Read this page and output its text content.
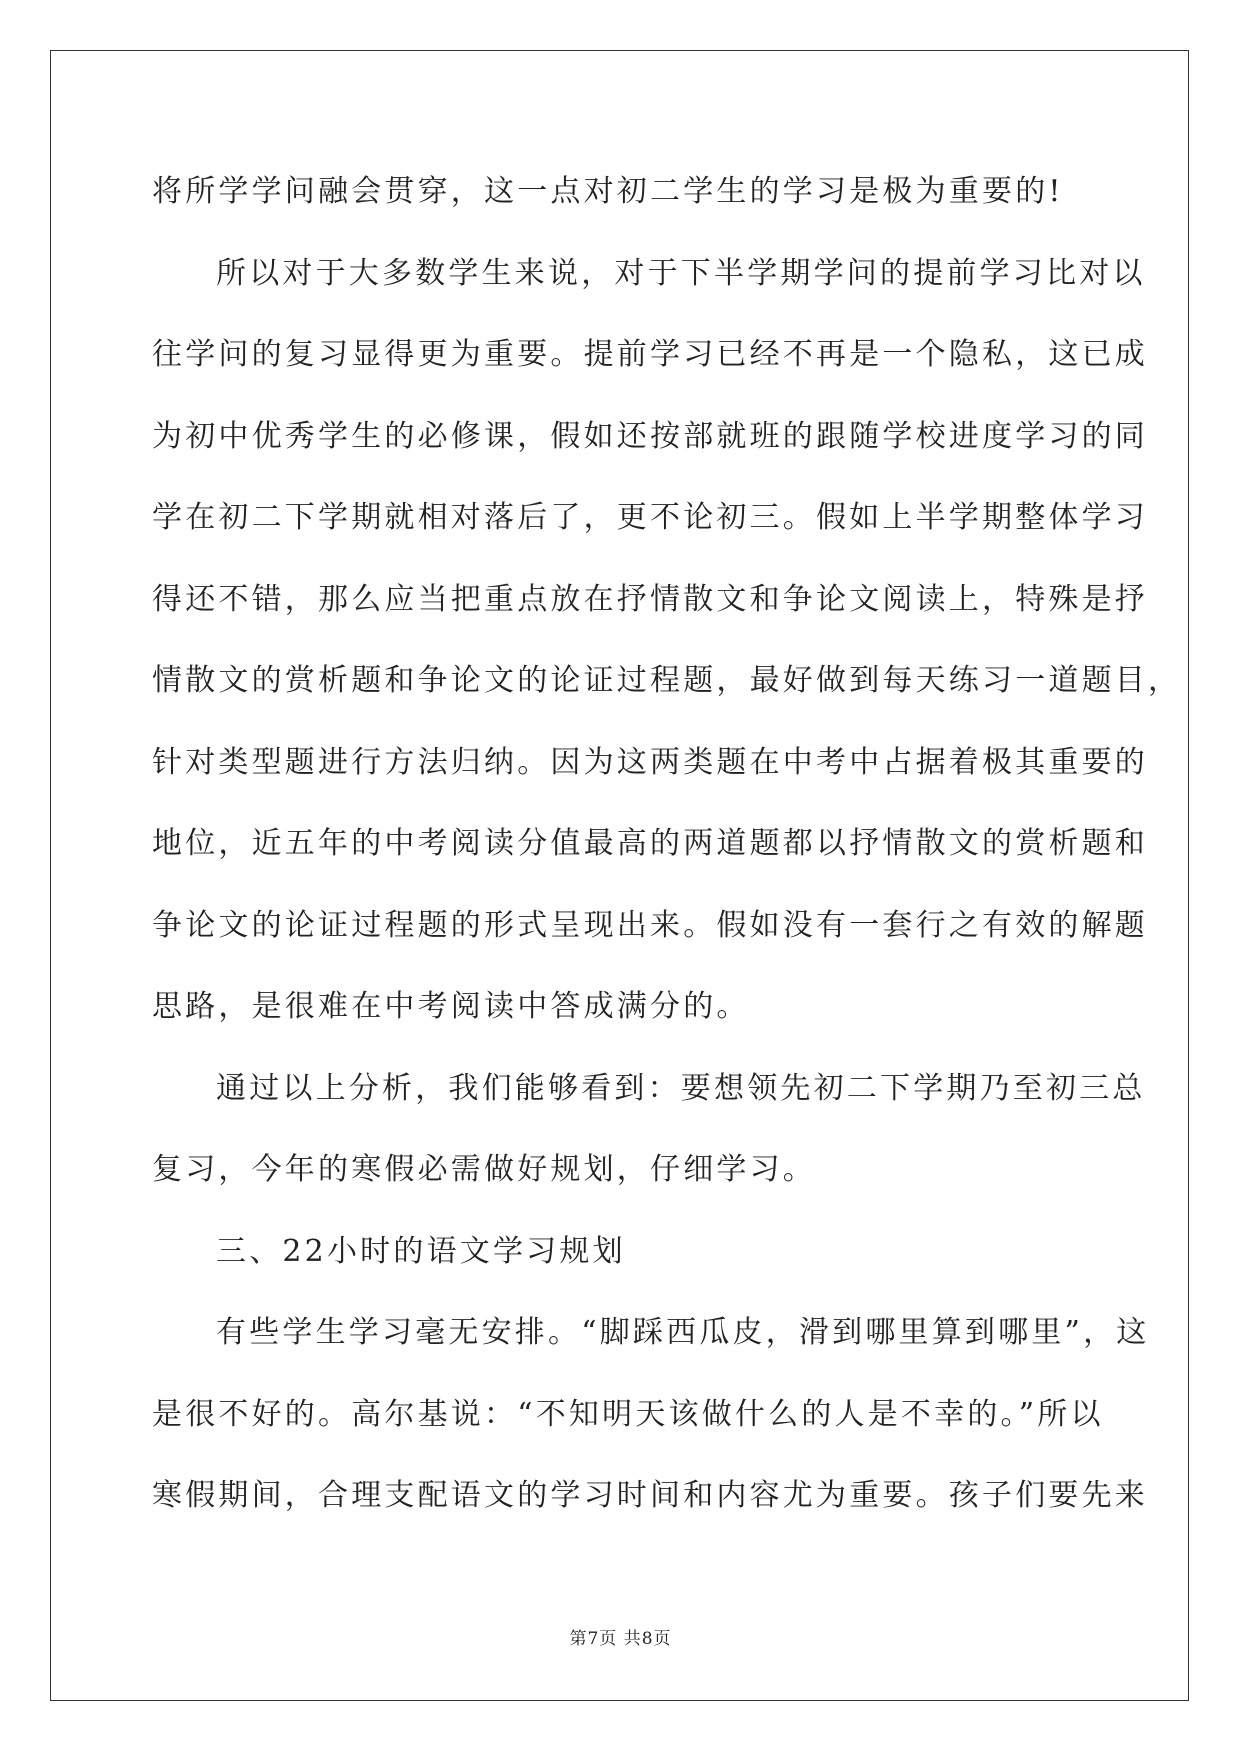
将所学学问融会贯穿，这一点对初二学生的学习是极为重要的!
所以对于大多数学生来说，对于下半学期学问的提前学习比对以
往学问的复习显得更为重要。提前学习已经不再是一个隐私，这已成
为初中优秀学生的必修课，假如还按部就班的跟随学校进度学习的同
学在初二下学期就相对落后了，更不论初三。假如上半学期整体学习
得还不错，那么应当把重点放在抒情散文和争论文阅读上，特殊是抒
情散文的赏析题和争论文的论证过程题，最好做到每天练习一道题目，
针对类型题进行方法归纳。因为这两类题在中考中占据着极其重要的
地位，近五年的中考阅读分值最高的两道题都以抒情散文的赏析题和
争论文的论证过程题的形式呈现出来。假如没有一套行之有效的解题
思路，是很难在中考阅读中答成满分的。
通过以上分析，我们能够看到：要想领先初二下学期乃至初三总
复习，今年的寒假必需做好规划，仔细学习。
三、22小时的语文学习规划
有些学生学习毫无安排。“脚踩西瓜皮，滑到哪里算到哪里”，这
是很不好的。高尔基说：“不知明天该做什么的人是不幸的。”所以
寒假期间，合理支配语文的学习时间和内容尤为重要。孩子们要先来
第7页 共8页
